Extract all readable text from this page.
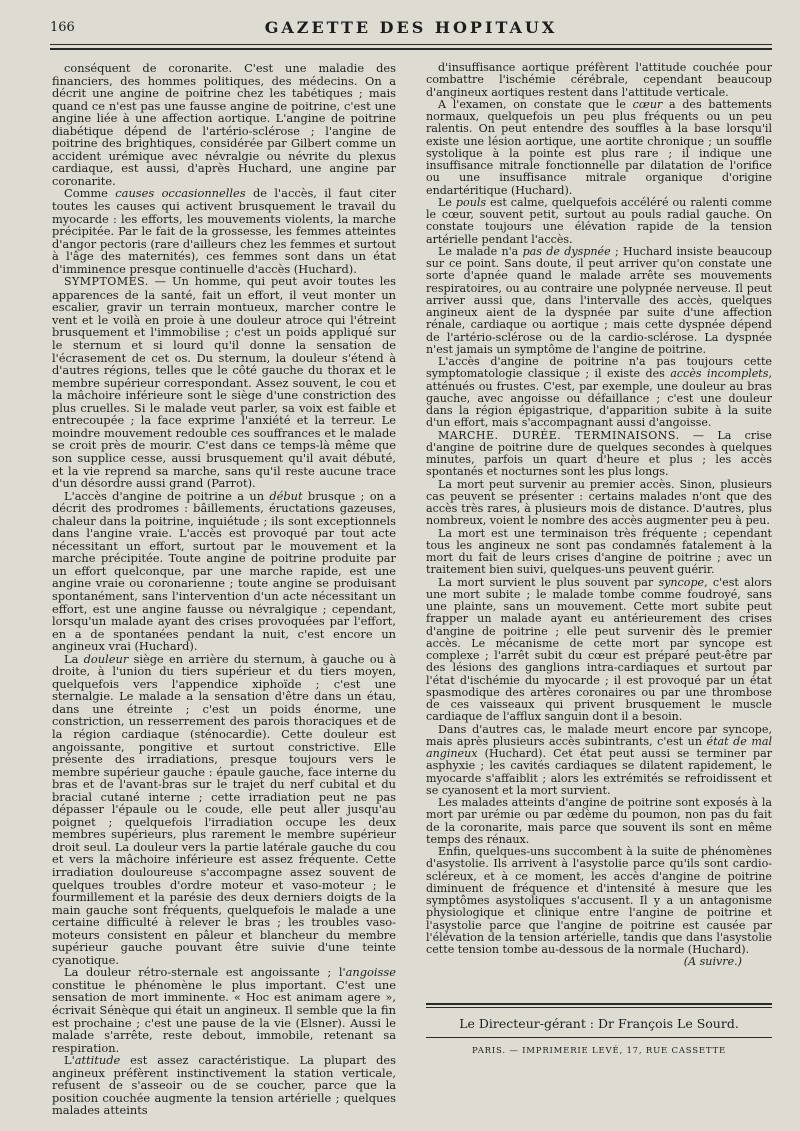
166	GAZETTE DES HOPITAUX

conséquent de coronarite. C'est une maladie des financiers, des hommes politiques, des médecins. On a décrit une angine de poitrine chez les tabétiques ; mais quand ce n'est pas une fausse angine de poitrine, c'est une angine liée à une affection aortique. L'angine de poitrine diabétique dépend de l'artério-sclérose ; l'angine de poitrine des brightiques, considérée par Gilbert comme un accident urémique avec névralgie ou névrite du plexus cardiaque, est aussi, d'après Huchard, une angine par coronarite.

Comme causes occasionnelles de l'accès, il faut citer toutes les causes qui activent brusquement le travail du myocarde : les efforts, les mouvements violents, la marche précipitée. Par le fait de la grossesse, les femmes atteintes d'angor pectoris (rare d'ailleurs chez les femmes et surtout à l'âge des maternités), ces femmes sont dans un état d'imminence presque continuelle d'accès (Huchard).

SYMPTOMES. — Un homme, qui peut avoir toutes les apparences de la santé, fait un effort, il veut monter un escalier, gravir un terrain montueux, marcher contre le vent et le voilà en proie à une douleur atroce qui l'étreint brusquement et l'immobilise ; c'est un poids appliqué sur le sternum et si lourd qu'il donne la sensation de l'écrasement de cet os. Du sternum, la douleur s'étend à d'autres régions, telles que le côté gauche du thorax et le membre supérieur correspondant. Assez souvent, le cou et la mâchoire inférieure sont le siège d'une constriction des plus cruelles. Si le malade veut parler, sa voix est faible et entrecoupée ; la face exprime l'anxiété et la terreur. Le moindre mouvement redouble ces souffrances et le malade se croit près de mourir. C'est dans ce temps-là même que son supplice cesse, aussi brusquement qu'il avait débuté, et la vie reprend sa marche, sans qu'il reste aucune trace d'un désordre aussi grand (Parrot).

L'accès d'angine de poitrine a un début brusque ; on a décrit des prodromes : bâillements, éructations gazeuses, chaleur dans la poitrine, inquiétude ; ils sont exceptionnels dans l'angine vraie. L'accès est provoqué par tout acte nécessitant un effort, surtout par le mouvement et la marche précipitée. Toute angine de poitrine produite par un effort quelconque, par une marche rapide, est une angine vraie ou coronarienne ; toute angine se produisant spontanément, sans l'intervention d'un acte nécessitant un effort, est une angine fausse ou névralgique ; cependant, lorsqu'un malade ayant des crises provoquées par l'effort, en a de spontanées pendant la nuit, c'est encore un angineux vrai (Huchard).

La douleur siège en arrière du sternum, à gauche ou à droite, à l'union du tiers supérieur et du tiers moyen, quelquefois vers l'appendice xiphoïde ; c'est une sternalgie. Le malade a la sensation d'être dans un étau, dans une étreinte ; c'est un poids énorme, une constriction, un resserrement des parois thoraciques et de la région cardiaque (sténocardie). Cette douleur est angoissante, pongitive et surtout constrictive. Elle présente des irradiations, presque toujours vers le membre supérieur gauche : épaule gauche, face interne du bras et de l'avant-bras sur le trajet du nerf cubital et du bracial cutané interne ; cette irradiation peut ne pas dépasser l'épaule ou le coude, elle peut aller jusqu'au poignet ; quelquefois l'irradiation occupe les deux membres supérieurs, plus rarement le membre supérieur droit seul. La douleur vers la partie latérale gauche du cou et vers la mâchoire inférieure est assez fréquente. Cette irradiation douloureuse s'accompagne assez souvent de quelques troubles d'ordre moteur et vaso-moteur ; le fourmillement et la parésie des deux derniers doigts de la main gauche sont fréquents, quelquefois le malade a une certaine difficulté à relever le bras ; les troubles vaso-moteurs consistent en pâleur et blancheur du membre supérieur gauche pouvant être suivie d'une teinte cyanotique.

La douleur rétro-sternale est angoissante ; l'angoisse constitue le phénomène le plus important. C'est une sensation de mort imminente. « Hoc est animam agere », écrivait Sénèque qui était un angineux. Il semble que la fin est prochaine ; c'est une pause de la vie (Elsner). Aussi le malade s'arrête, reste debout, immobile, retenant sa respiration.

L'attitude est assez caractéristique. La plupart des angineux préfèrent instinctivement la station verticale, refusent de s'asseoir ou de se coucher, parce que la position couchée augmente la tension artérielle ; quelques malades atteints

d'insuffisance aortique préfèrent l'attitude couchée pour combattre l'ischémie cérébrale, cependant beaucoup d'angineux aortiques restent dans l'attitude verticale.

A l'examen, on constate que le cœur a des battements normaux, quelquefois un peu plus fréquents ou un peu ralentis. On peut entendre des souffles à la base lorsqu'il existe une lésion aortique, une aortite chronique ; un souffle systolique à la pointe est plus rare ; il indique une insuffisance mitrale fonctionnelle par dilatation de l'orifice ou une insuffisance mitrale organique d'origine endartéritique (Huchard).

Le pouls est calme, quelquefois accéléré ou ralenti comme le cœur, souvent petit, surtout au pouls radial gauche. On constate toujours une élévation rapide de la tension artérielle pendant l'accès.

Le malade n'a pas de dyspnée ; Huchard insiste beaucoup sur ce point. Sans doute, il peut arriver qu'on constate une sorte d'apnée quand le malade arrête ses mouvements respiratoires, ou au contraire une polypnée nerveuse. Il peut arriver aussi que, dans l'intervalle des accès, quelques angineux aient de la dyspnée par suite d'une affection rénale, cardiaque ou aortique ; mais cette dyspnée dépend de l'artério-sclérose ou de la cardio-sclérose. La dyspnée n'est jamais un symptôme de l'angine de poitrine.

L'accès d'angine de poitrine n'a pas toujours cette symptomatologie classique ; il existe des accès incomplets, atténués ou frustes. C'est, par exemple, une douleur au bras gauche, avec angoisse ou défaillance ; c'est une douleur dans la région épigastrique, d'apparition subite à la suite d'un effort, mais s'accompagnant aussi d'angoisse.

MARCHE. DURÉE. TERMINAISONS. — La crise d'angine de poitrine dure de quelques secondes à quelques minutes, parfois un quart d'heure et plus ; les accès spontanés et nocturnes sont les plus longs.

La mort peut survenir au premier accès. Sinon, plusieurs cas peuvent se présenter : certains malades n'ont que des accès très rares, à plusieurs mois de distance. D'autres, plus nombreux, voient le nombre des accès augmenter peu à peu.

La mort est une terminaison très fréquente ; cependant tous les angineux ne sont pas condamnés fatalement à la mort du fait de leurs crises d'angine de poitrine ; avec un traitement bien suivi, quelques-uns peuvent guérir.

La mort survient le plus souvent par syncope, c'est alors une mort subite ; le malade tombe comme foudroyé, sans une plainte, sans un mouvement. Cette mort subite peut frapper un malade ayant eu antérieurement des crises d'angine de poitrine ; elle peut survenir dès le premier accès. Le mécanisme de cette mort par syncope est complexe ; l'arrêt subit du cœur est préparé peut-être par des lésions des ganglions intra-cardiaques et surtout par l'état d'ischémie du myocarde ; il est provoqué par un état spasmodique des artères coronaires ou par une thrombose de ces vaisseaux qui privent brusquement le muscle cardiaque de l'afflux sanguin dont il a besoin.

Dans d'autres cas, le malade meurt encore par syncope, mais après plusieurs accès subintrants, c'est un état de mal angineux (Huchard). Cet état peut aussi se terminer par asphyxie ; les cavités cardiaques se dilatent rapidement, le myocarde s'affaiblit ; alors les extrémités se refroidissent et se cyanosent et la mort survient.

Les malades atteints d'angine de poitrine sont exposés à la mort par urémie ou par œdème du poumon, non pas du fait de la coronarite, mais parce que souvent ils sont en même temps des rénaux.

Enfin, quelques-uns succombent à la suite de phénomènes d'asystolie. Ils arrivent à l'asystolie parce qu'ils sont cardio-scléreux, et à ce moment, les accès d'angine de poitrine diminuent de fréquence et d'intensité à mesure que les symptômes asystoliques s'accusent. Il y a un antagonisme physiologique et clinique entre l'angine de poitrine et l'asystolie parce que l'angine de poitrine est causée par l'élévation de la tension artérielle, tandis que dans l'asystolie cette tension tombe au-dessous de la normale (Huchard).

(A suivre.)

Le Directeur-gérant : Dr François Le Sourd.
PARIS. — IMPRIMERIE LEVÉ, 17, RUE CASSETTE
